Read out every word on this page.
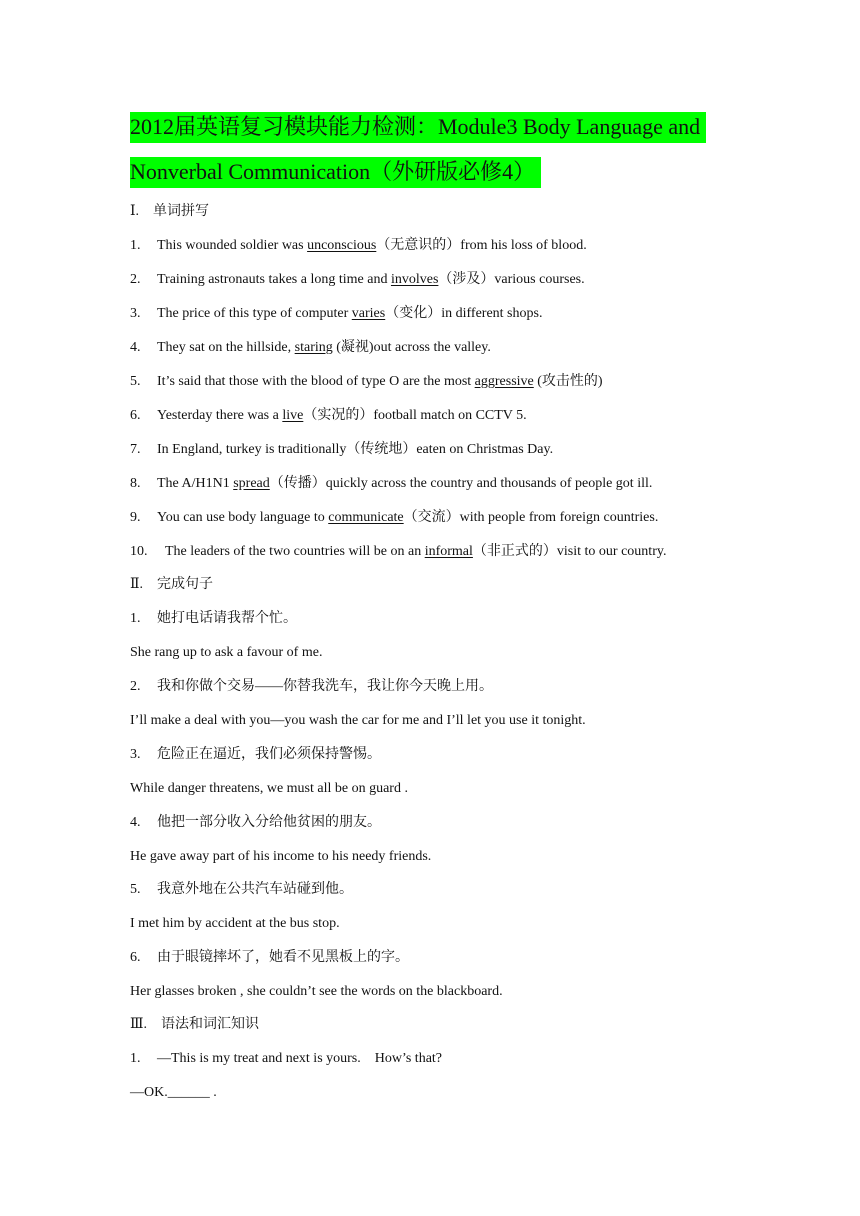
2012届英语复习模块能力检测：Module3 Body Language and
Nonverbal Communication（外研版必修4）
Ⅰ.　单词拼写
1. This wounded soldier was unconscious（无意识的）from his loss of blood.
2. Training astronauts takes a long time and involves（涉及）various courses.
3. The price of this type of computer varies（变化）in different shops.
4. They sat on the hillside, staring (凝视)out across the valley.
5. It’s said that those with the blood of type O are the most aggressive (攻击性的)
6. Yesterday there was a live（实况的）football match on CCTV 5.
7. In England, turkey is traditionally（传统地）eaten on Christmas Day.
8. The A/H1N1 spread（传播）quickly across the country and thousands of people got ill.
9. You can use body language to communicate（交流）with people from foreign countries.
10. The leaders of the two countries will be on an informal（非正式的）visit to our country.
Ⅱ.　完成句子
1. 她打电话请我帮个忙。
She rang up to ask a favour of me.
2. 我和你做个交易——你替我洗车，我让你今天晚上用。
I’ll make a deal with you—you wash the car for me and I’ll let you use it tonight.
3. 危险正在逼近，我们必须保持警惕。
While danger threatens, we must all be on guard .
4. 他把一部分收入分给他贫困的朋友。
He gave away part of his income to his needy friends.
5. 我意外地在公共汽车站碰到他。
I met him by accident at the bus stop.
6. 由于眼镜摔坏了，她看不见黑板上的字。
Her glasses broken , she couldn’t see the words on the blackboard.
Ⅲ.　语法和词汇知识
1. —This is my treat and next is yours.　How’s that?
—OK.______ .
